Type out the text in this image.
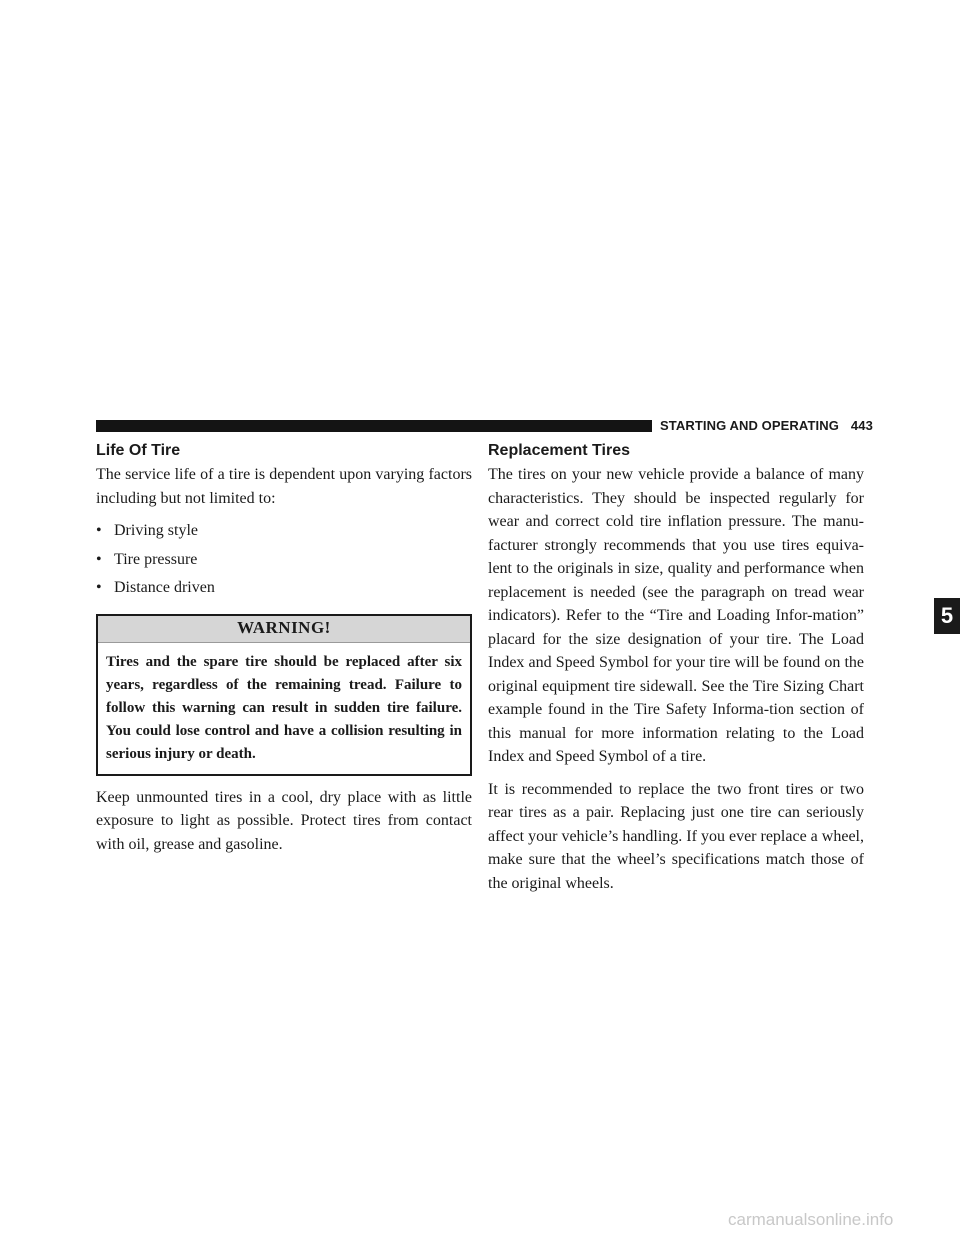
STARTING AND OPERATING 443
Life Of Tire

The service life of a tire is dependent upon varying factors including but not limited to:

• Driving style
• Tire pressure
• Distance driven
WARNING!
Tires and the spare tire should be replaced after six years, regardless of the remaining tread. Failure to follow this warning can result in sudden tire failure. You could lose control and have a collision resulting in serious injury or death.

Keep unmounted tires in a cool, dry place with as little exposure to light as possible. Protect tires from contact with oil, grease and gasoline.

Replacement Tires

The tires on your new vehicle provide a balance of many characteristics. They should be inspected regularly for wear and correct cold tire inflation pressure. The manu-facturer strongly recommends that you use tires equiva-lent to the originals in size, quality and performance when replacement is needed (see the paragraph on tread wear indicators). Refer to the “Tire and Loading Infor-mation” placard for the size designation of your tire. The Load Index and Speed Symbol for your tire will be found on the original equipment tire sidewall. See the Tire Sizing Chart example found in the Tire Safety Informa-tion section of this manual for more information relating to the Load Index and Speed Symbol of a tire.

It is recommended to replace the two front tires or two rear tires as a pair. Replacing just one tire can seriously affect your vehicle’s handling. If you ever replace a wheel, make sure that the wheel’s specifications match those of the original wheels.

5
carmanualsonline.info
